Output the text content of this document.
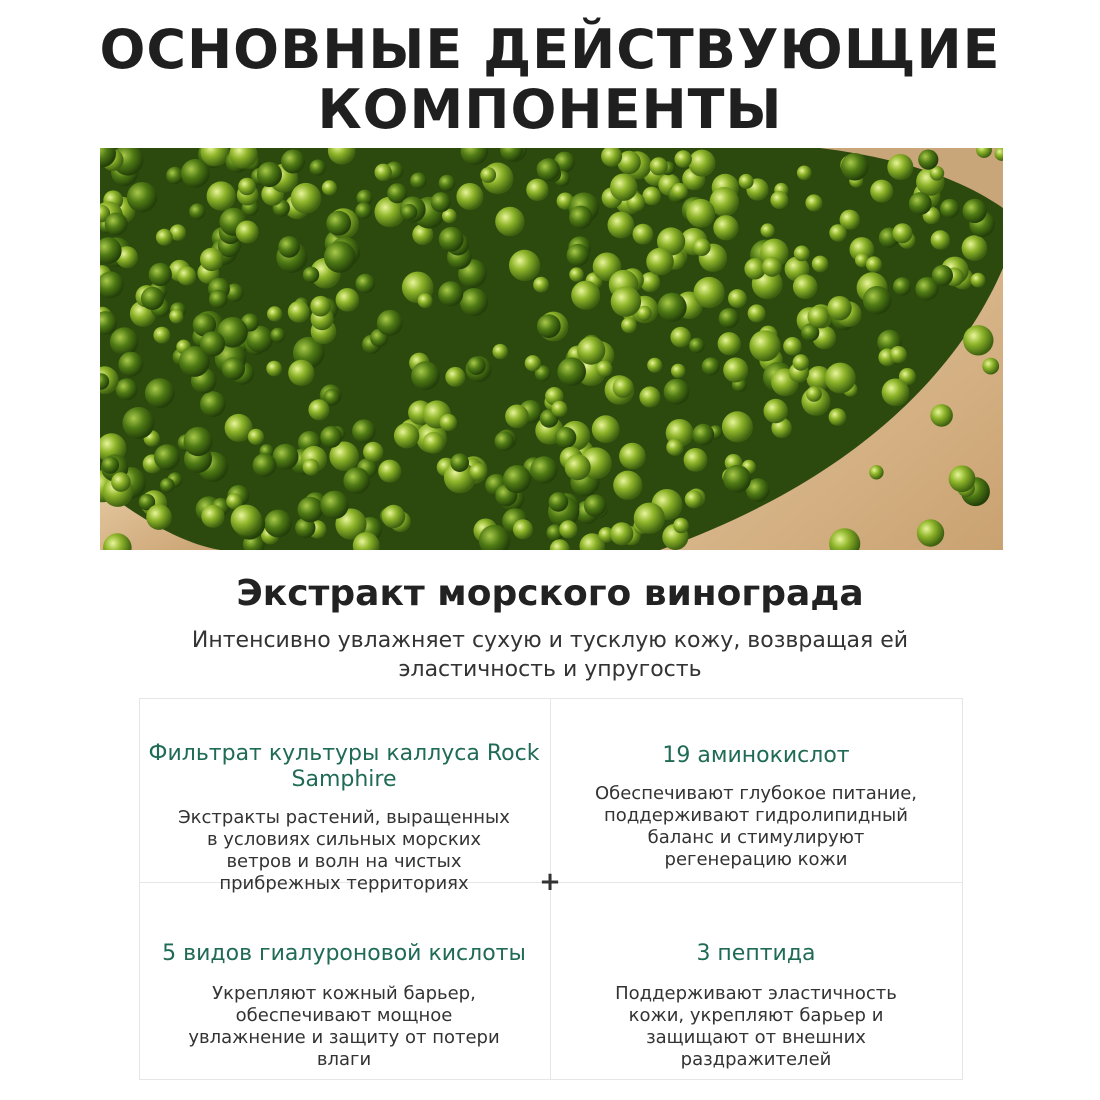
ОСНОВНЫЕ ДЕЙСТВУЮЩИЕ
КОМПОНЕНТЫ
Экстракт морского винограда
Интенсивно увлажняет сухую и тусклую кожу, возвращая ей эластичность и упругость
+
Фильтрат культуры каллуса Rock Samphire

Экстракты растений, выращенных в условиях сильных морских ветров и волн на чистых прибрежных территориях

19 аминокислот

Обеспечивают глубокое питание, поддерживают гидролипидный баланс и стимулируют регенерацию кожи

5 видов гиалуроновой кислоты

Укрепляют кожный барьер, обеспечивают мощное увлажнение и защиту от потери влаги

3 пептида

Поддерживают эластичность кожи, укрепляют барьер и защищают от внешних раздражителей
